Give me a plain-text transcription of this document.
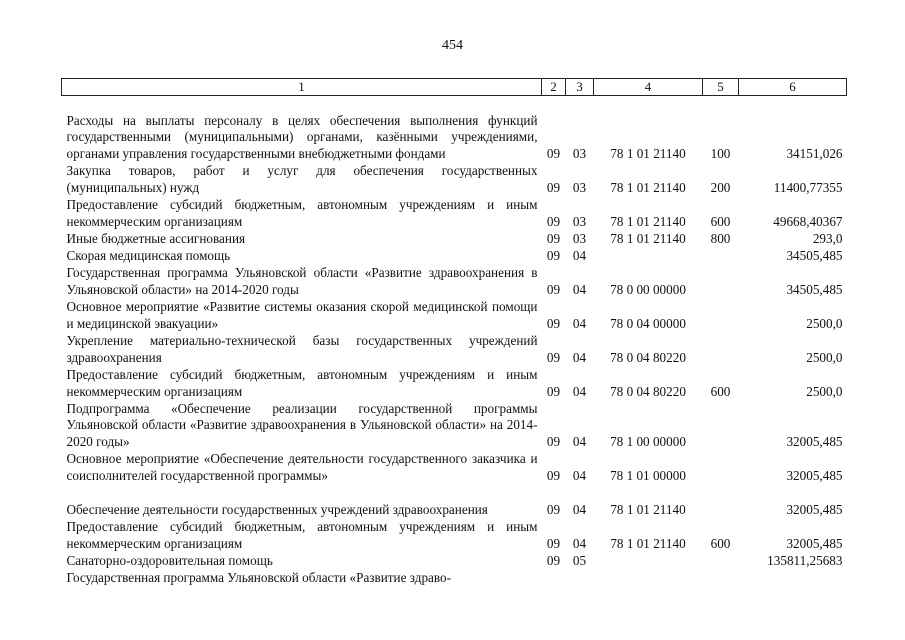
454
1	2	3	4	5	6
Расходы на выплаты персоналу в целях обеспечения выполнения функций государственными (муниципальными) органами, казёнными учреждениями, органами управления государственными внебюджетными фондами	09	03	78 1 01 21140	100	34151,026
Закупка товаров, работ и услуг для обеспечения государственных (муниципальных) нужд	09	03	78 1 01 21140	200	11400,77355
Предоставление субсидий бюджетным, автономным учреждениям и иным некоммерческим организациям	09	03	78 1 01 21140	600	49668,40367
Иные бюджетные ассигнования	09	03	78 1 01 21140	800	293,0
Скорая медицинская помощь	09	04			34505,485
Государственная программа Ульяновской области «Развитие здравоохранения в Ульяновской области» на 2014-2020 годы	09	04	78 0 00 00000		34505,485
Основное мероприятие «Развитие системы оказания скорой медицинской помощи и медицинской эвакуации»	09	04	78 0 04 00000		2500,0
Укрепление материально-технической базы государственных учреждений здравоохранения	09	04	78 0 04 80220		2500,0
Предоставление субсидий бюджетным, автономным учреждениям и иным некоммерческим организациям	09	04	78 0 04 80220	600	2500,0
Подпрограмма «Обеспечение реализации государственной программы Ульяновской области «Развитие здравоохранения в Ульяновской области» на 2014-2020 годы»	09	04	78 1 00 00000		32005,485
Основное мероприятие «Обеспечение деятельности государственного заказчика и соисполнителей государственной программы»	09	04	78 1 01 00000		32005,485
Обеспечение деятельности государственных учреждений здравоохранения	09	04	78 1 01 21140		32005,485
Предоставление субсидий бюджетным, автономным учреждениям и иным некоммерческим организациям	09	04	78 1 01 21140	600	32005,485
Санаторно-оздоровительная помощь	09	05			135811,25683
Государственная программа Ульяновской области «Развитие здраво-					
